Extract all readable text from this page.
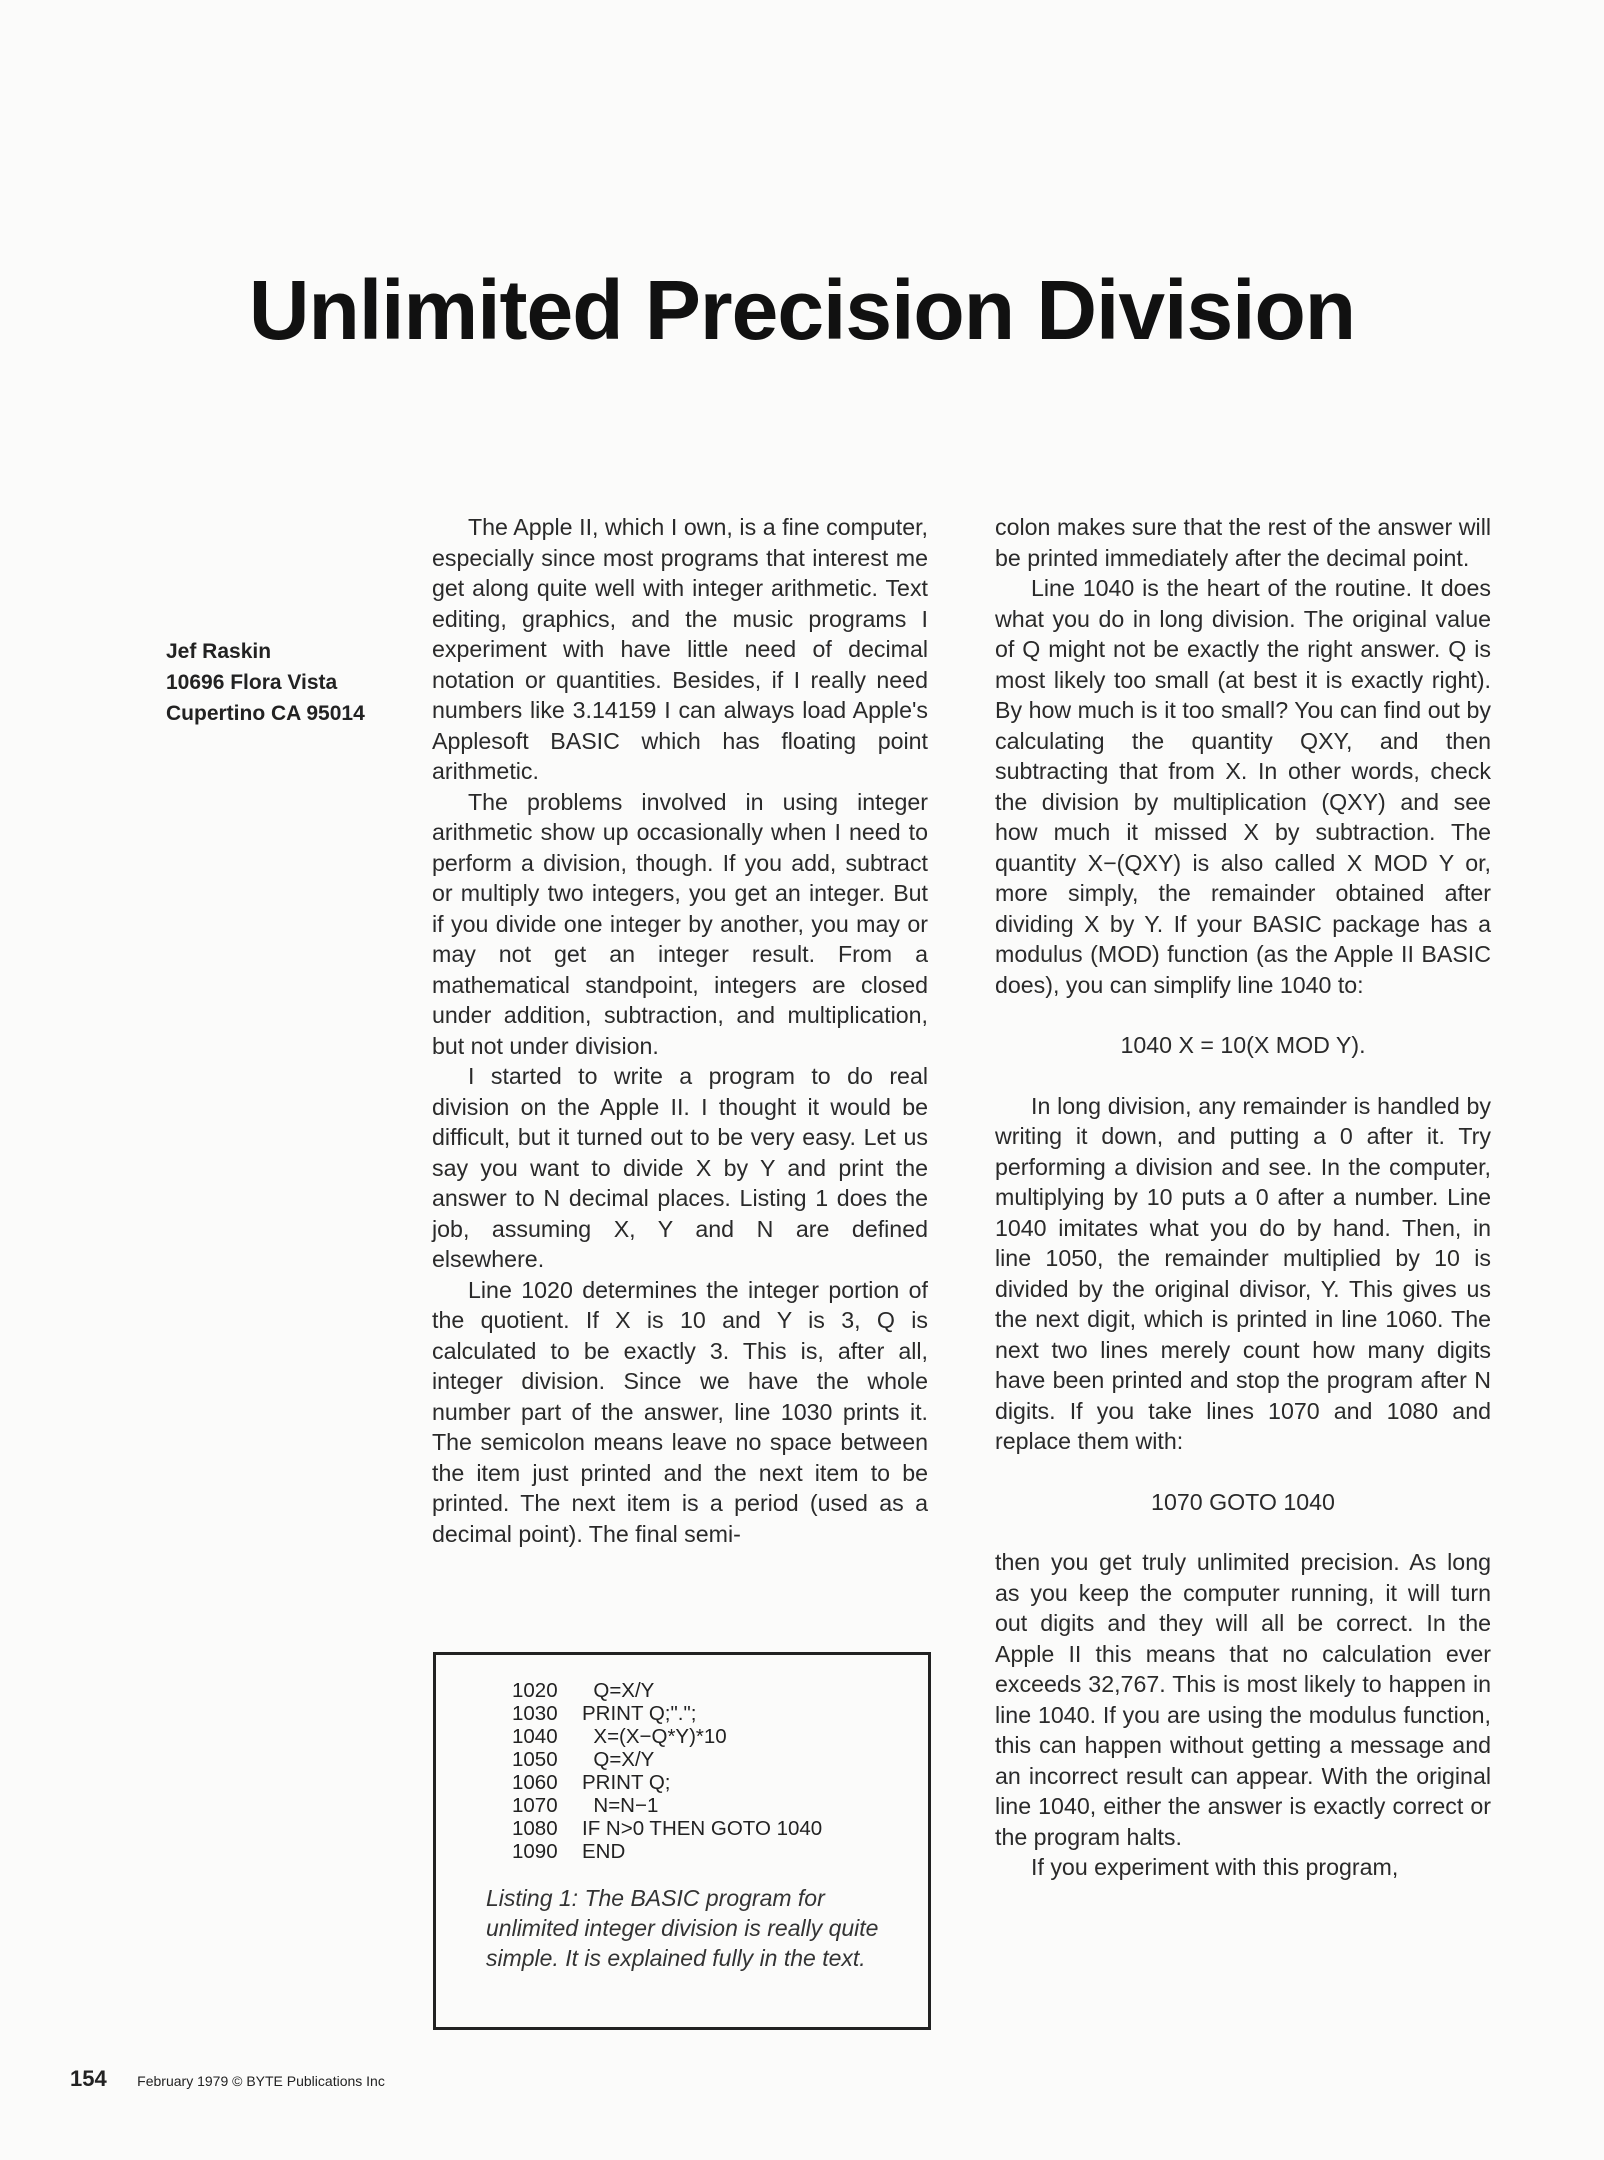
Unlimited Precision Division
Jef Raskin
10696 Flora Vista
Cupertino CA 95014

The Apple II, which I own, is a fine computer, especially since most programs that interest me get along quite well with integer arithmetic. Text editing, graphics, and the music programs I experiment with have little need of decimal notation or quantities. Besides, if I really need numbers like 3.14159 I can always load Apple's Applesoft BASIC which has floating point arithmetic.

The problems involved in using integer arithmetic show up occasionally when I need to perform a division, though. If you add, subtract or multiply two integers, you get an integer. But if you divide one integer by another, you may or may not get an integer result. From a mathematical standpoint, integers are closed under addition, subtraction, and multiplication, but not under division.

I started to write a program to do real division on the Apple II. I thought it would be difficult, but it turned out to be very easy. Let us say you want to divide X by Y and print the answer to N decimal places. Listing 1 does the job, assuming X, Y and N are defined elsewhere.

Line 1020 determines the integer portion of the quotient. If X is 10 and Y is 3, Q is calculated to be exactly 3. This is, after all, integer division. Since we have the whole number part of the answer, line 1030 prints it. The semicolon means leave no space between the item just printed and the next item to be printed. The next item is a period (used as a decimal point). The final semi-

colon makes sure that the rest of the answer will be printed immediately after the decimal point.

Line 1040 is the heart of the routine. It does what you do in long division. The original value of Q might not be exactly the right answer. Q is most likely too small (at best it is exactly right). By how much is it too small? You can find out by calculating the quantity QXY, and then subtracting that from X. In other words, check the division by multiplication (QXY) and see how much it missed X by subtraction. The quantity X−(QXY) is also called X MOD Y or, more simply, the remainder obtained after dividing X by Y. If your BASIC package has a modulus (MOD) function (as the Apple II BASIC does), you can simplify line 1040 to:

1040 X = 10(X MOD Y).

In long division, any remainder is handled by writing it down, and putting a 0 after it. Try performing a division and see. In the computer, multiplying by 10 puts a 0 after a number. Line 1040 imitates what you do by hand. Then, in line 1050, the remainder multiplied by 10 is divided by the original divisor, Y. This gives us the next digit, which is printed in line 1060. The next two lines merely count how many digits have been printed and stop the program after N digits. If you take lines 1070 and 1080 and replace them with:

1070 GOTO 1040

then you get truly unlimited precision. As long as you keep the computer running, it will turn out digits and they will all be correct. In the Apple II this means that no calculation ever exceeds 32,767. This is most likely to happen in line 1040. If you are using the modulus function, this can happen without getting a message and an incorrect result can appear. With the original line 1040, either the answer is exactly correct or the program halts.

If you experiment with this program,

1020  Q=X/Y
1030 PRINT Q;".";
1040  X=(X−Q*Y)*10
1050  Q=X/Y
1060 PRINT Q;
1070  N=N−1
1080 IF N>0 THEN GOTO 1040
1090 END
Listing 1: The BASIC program for unlimited integer division is really quite simple. It is explained fully in the text.
154 February 1979 © BYTE Publications Inc
